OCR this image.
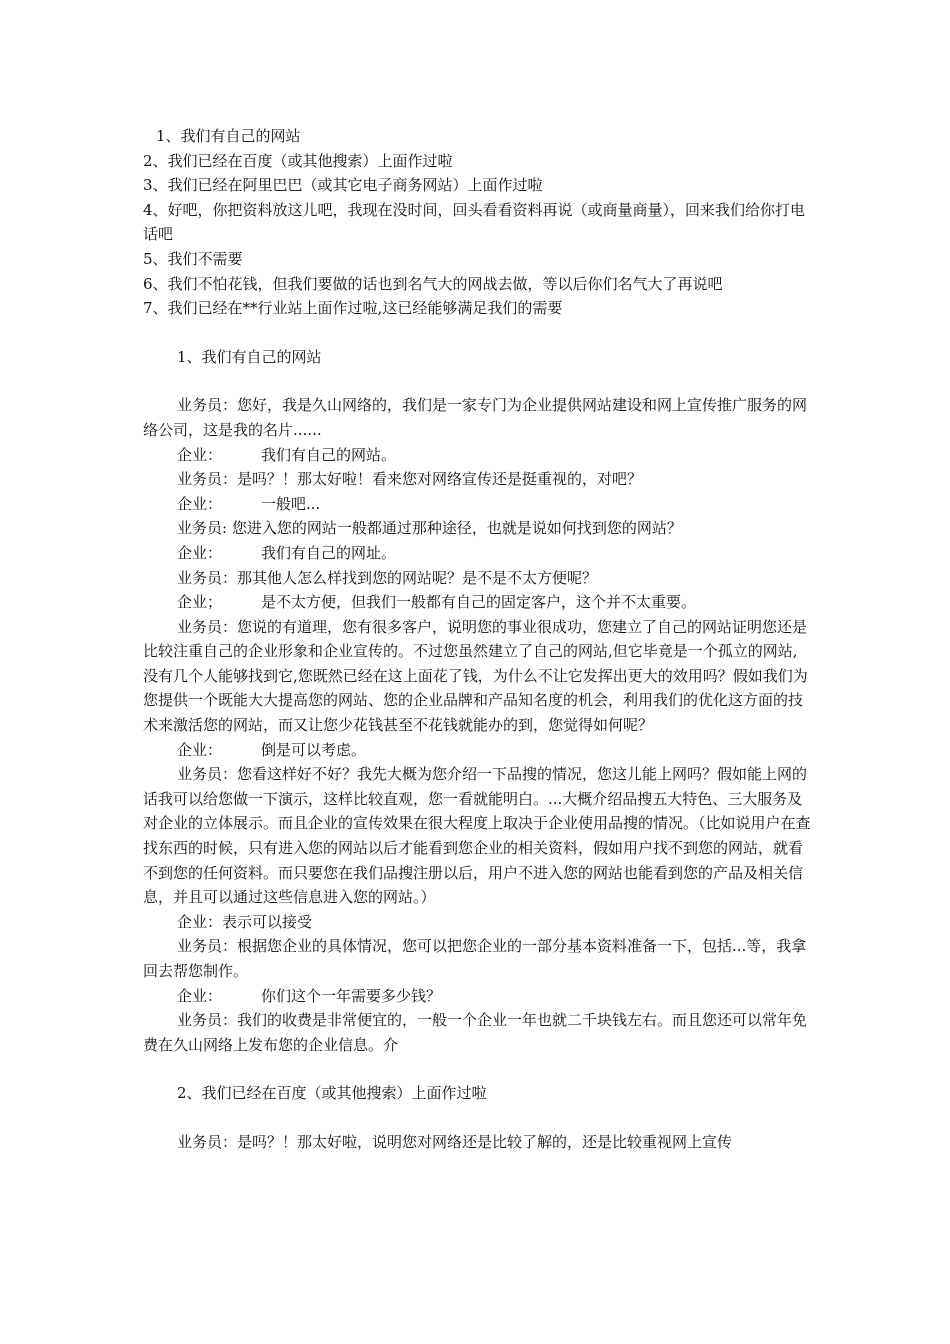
1、我们有自己的网站

2、我们已经在百度（或其他搜索）上面作过啦

3、我们已经在阿里巴巴（或其它电子商务网站）上面作过啦

4、好吧，你把资料放这儿吧，我现在没时间，回头看看资料再说（或商量商量），回来我们给你打电话吧

5、我们不需要

6、我们不怕花钱，但我们要做的话也到名气大的网战去做，等以后你们名气大了再说吧

7、我们已经在**行业站上面作过啦,这已经能够满足我们的需要

1、我们有自己的网站

业务员：您好，我是久山网络的，我们是一家专门为企业提供网站建设和网上宣传推广服务的网络公司，这是我的名片......

企业：	我们有自己的网站。

业务员：是吗？！那太好啦！看来您对网络宣传还是挺重视的，对吧？

企业：	一般吧...

业务员: 您进入您的网站一般都通过那种途径，也就是说如何找到您的网站？

企业：	我们有自己的网址。

业务员：那其他人怎么样找到您的网站呢？是不是不太方便呢？

企业；	是不太方便，但我们一般都有自己的固定客户，这个并不太重要。

业务员：您说的有道理，您有很多客户，说明您的事业很成功，您建立了自己的网站证明您还是比较注重自己的企业形象和企业宣传的。不过您虽然建立了自己的网站,但它毕竟是一个孤立的网站,没有几个人能够找到它,您既然已经在这上面花了钱，为什么不让它发挥出更大的效用吗？假如我们为您提供一个既能大大提高您的网站、您的企业品牌和产品知名度的机会，利用我们的优化这方面的技术来激活您的网站，而又让您少花钱甚至不花钱就能办的到，您觉得如何呢？

企业：	倒是可以考虑。

业务员：您看这样好不好？我先大概为您介绍一下品搜的情况，您这儿能上网吗？假如能上网的话我可以给您做一下演示，这样比较直观，您一看就能明白。...大概介绍品搜五大特色、三大服务及对企业的立体展示。而且企业的宣传效果在很大程度上取决于企业使用品搜的情况。（比如说用户在查找东西的时候，只有进入您的网站以后才能看到您企业的相关资料，假如用户找不到您的网站，就看不到您的任何资料。而只要您在我们品搜注册以后，用户不进入您的网站也能看到您的产品及相关信息，并且可以通过这些信息进入您的网站。）

企业：表示可以接受

业务员：根据您企业的具体情况，您可以把您企业的一部分基本资料准备一下，包括...等，我拿回去帮您制作。

企业：	你们这个一年需要多少钱？

业务员：我们的收费是非常便宜的，一般一个企业一年也就二千块钱左右。而且您还可以常年免费在久山网络上发布您的企业信息。介

2、我们已经在百度（或其他搜索）上面作过啦

业务员：是吗？！那太好啦，说明您对网络还是比较了解的，还是比较重视网上宣传
